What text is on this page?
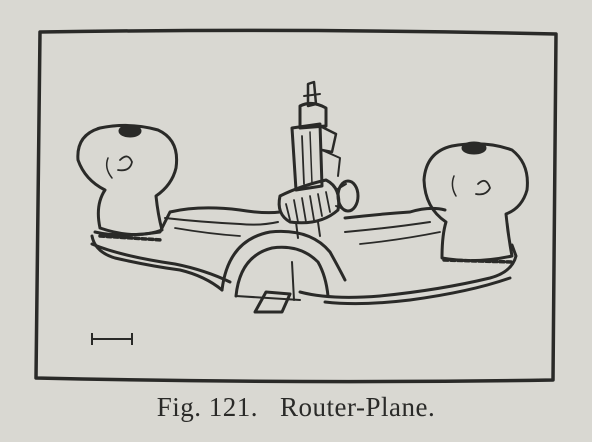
Fig. 121. Router-Plane.
